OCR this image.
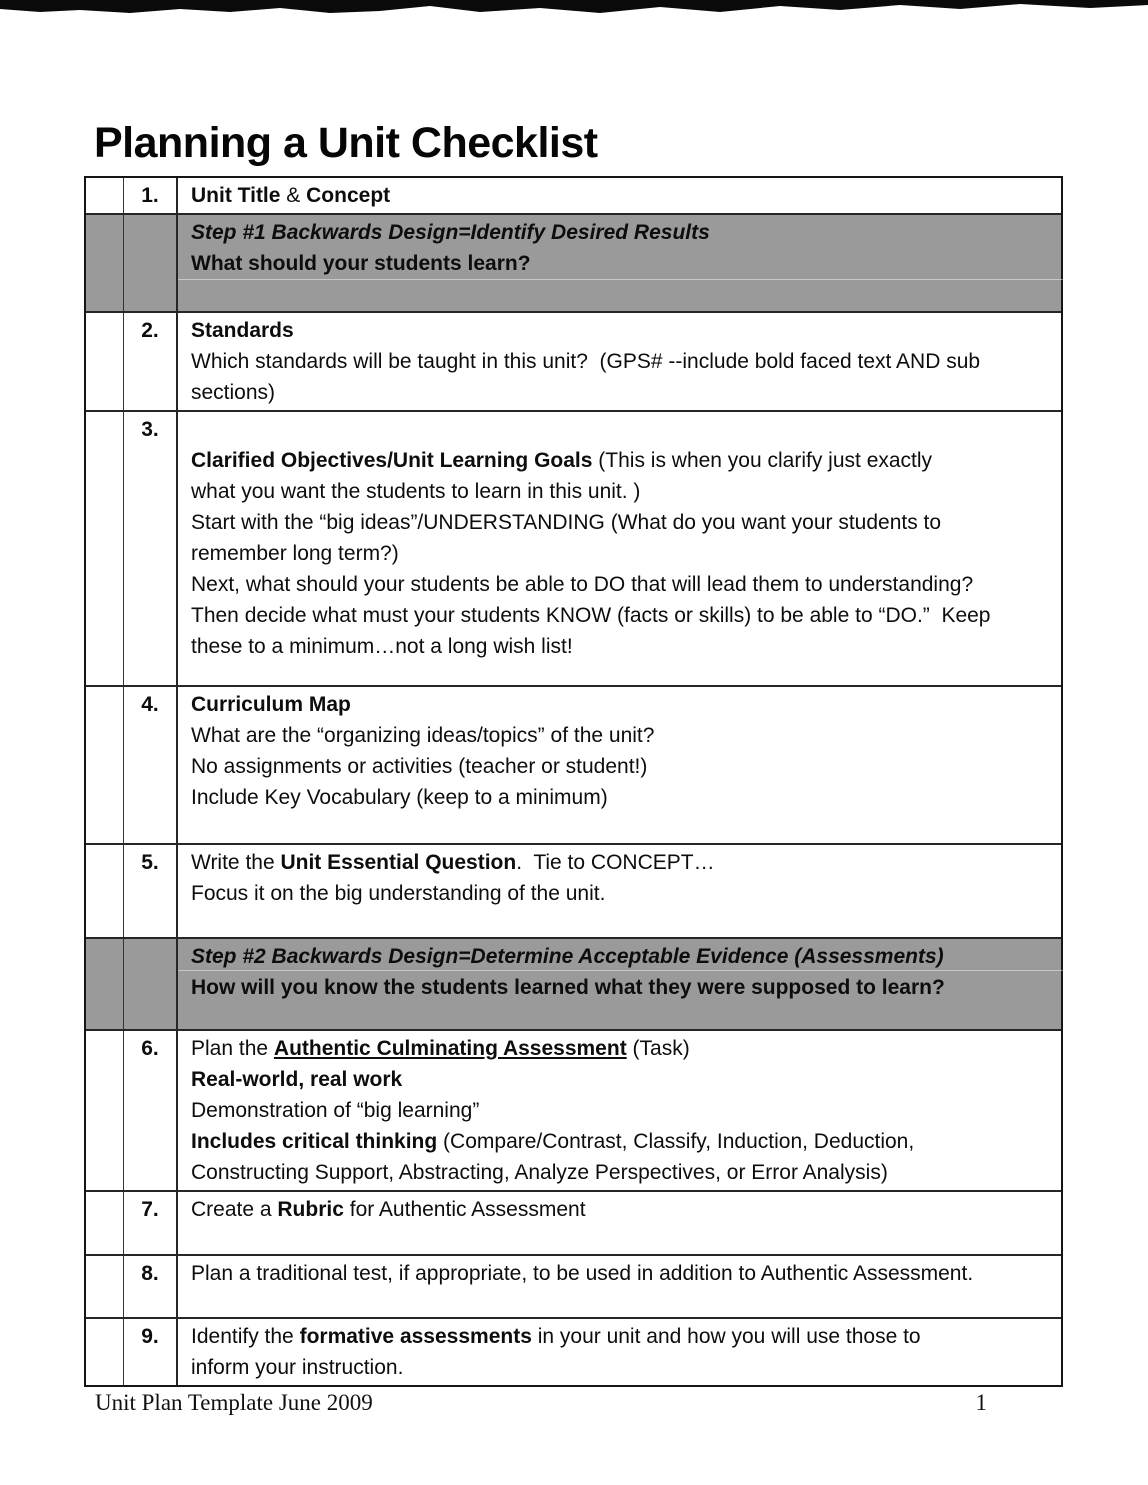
Planning a Unit Checklist
1.	Unit Title & Concept
Step #1 Backwards Design=Identify Desired Results
What should your students learn?
2.	Standards
Which standards will be taught in this unit?  (GPS# --include bold faced text AND sub
sections)
3.

Clarified Objectives/Unit Learning Goals (This is when you clarify just exactly
what you want the students to learn in this unit. )
Start with the “big ideas”/UNDERSTANDING (What do you want your students to
remember long term?)
Next, what should your students be able to DO that will lead them to understanding?
Then decide what must your students KNOW (facts or skills) to be able to “DO.”  Keep
these to a minimum…not a long wish list!
4.	Curriculum Map
What are the “organizing ideas/topics” of the unit?
No assignments or activities (teacher or student!)
Include Key Vocabulary (keep to a minimum)
5.	Write the Unit Essential Question.  Tie to CONCEPT…
Focus it on the big understanding of the unit.
Step #2 Backwards Design=Determine Acceptable Evidence (Assessments)
How will you know the students learned what they were supposed to learn?
6.	Plan the Authentic Culminating Assessment (Task)
Real-world, real work
Demonstration of “big learning”
Includes critical thinking (Compare/Contrast, Classify, Induction, Deduction,
Constructing Support, Abstracting, Analyze Perspectives, or Error Analysis)
7.	Create a Rubric for Authentic Assessment
8.	Plan a traditional test, if appropriate, to be used in addition to Authentic Assessment.
9.	Identify the formative assessments in your unit and how you will use those to
inform your instruction.
Unit Plan Template June 2009	1
